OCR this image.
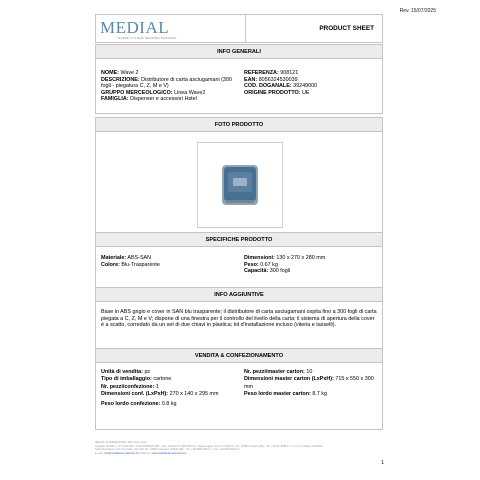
Rev. 15/07/2025
MEDIAL
WHERE HYGIENE BECOMES BUSINESS
PRODUCT SHEET
INFO GENERALI
NOME: Wave 2
DESCRIZIONE: Distributore di carta asciugamani (300 fogli - piegatura C, Z, M e V)
GRUPPO MERCEOLOGICO: Linea Wave2
FAMIGLIA: Dispenser e accessori Hstel
REFERENZA: 908121
EAN: 8056324530039
COD. DOGANALE: 39249000
ORIGINE PRODOTTO: UE
FOTO PRODOTTO
SPECIFICHE PRODOTTO
Materiale: ABS-SAN
Colore: Blu-Trasparente
Dimensioni: 130 x 270 x 280 mm
Peso: 0.67 kg
Capacità: 300 fogli
INFO AGGIUNTIVE
Base in ABS grigio e cover in SAN blu trasparente; il distributore di carta asciugamani ospita fino a 300 fogli di carta piegata a C, Z, M e V; dispone di una finestra per il controllo del livello della carta; il sistema di apertura della cover è a scatto, corredato da un set di due chiavi in plastica; kit d'installazione incluso (viteria e tasselli).
VENDITA & CONFEZIONAMENTO
Unità di vendita: pz
Tipo di imballaggio: cartone
Nr. pezzi/confezione: 1
Dimensioni conf. (LxPxH): 270 x 140 x 295 mm
Peso lordo confezione: 0.8 kg
Nr. pezzi/master carton: 10
Dimensioni master carton (LxPxH): 715 x 550 x 300 mm
Peso lordo master carton: 8.7 kg
MEDIAL INTERNATIONAL SPA socio unico
Capitale Sociale i.v. € 2.000.000 - P.IVA 03690460158 - Cap. Sociale € 2.000.000,00 - Sede Legale: Via G. Di Vittorio, 10 - 20094 Corsico (MI) - Tel. +39 02 4588.0 - C.C.I.A.A. Milano 1102930
Sede Operativa e Commerciale: Via Folli, 30 - 20062 Cassano d'Adda (MI) - Tel. +39 0363 6612.1 - Fax +39 0363 6612.2
E-mail: info@medialinternational.com Website: www.medialinternational.com
1
